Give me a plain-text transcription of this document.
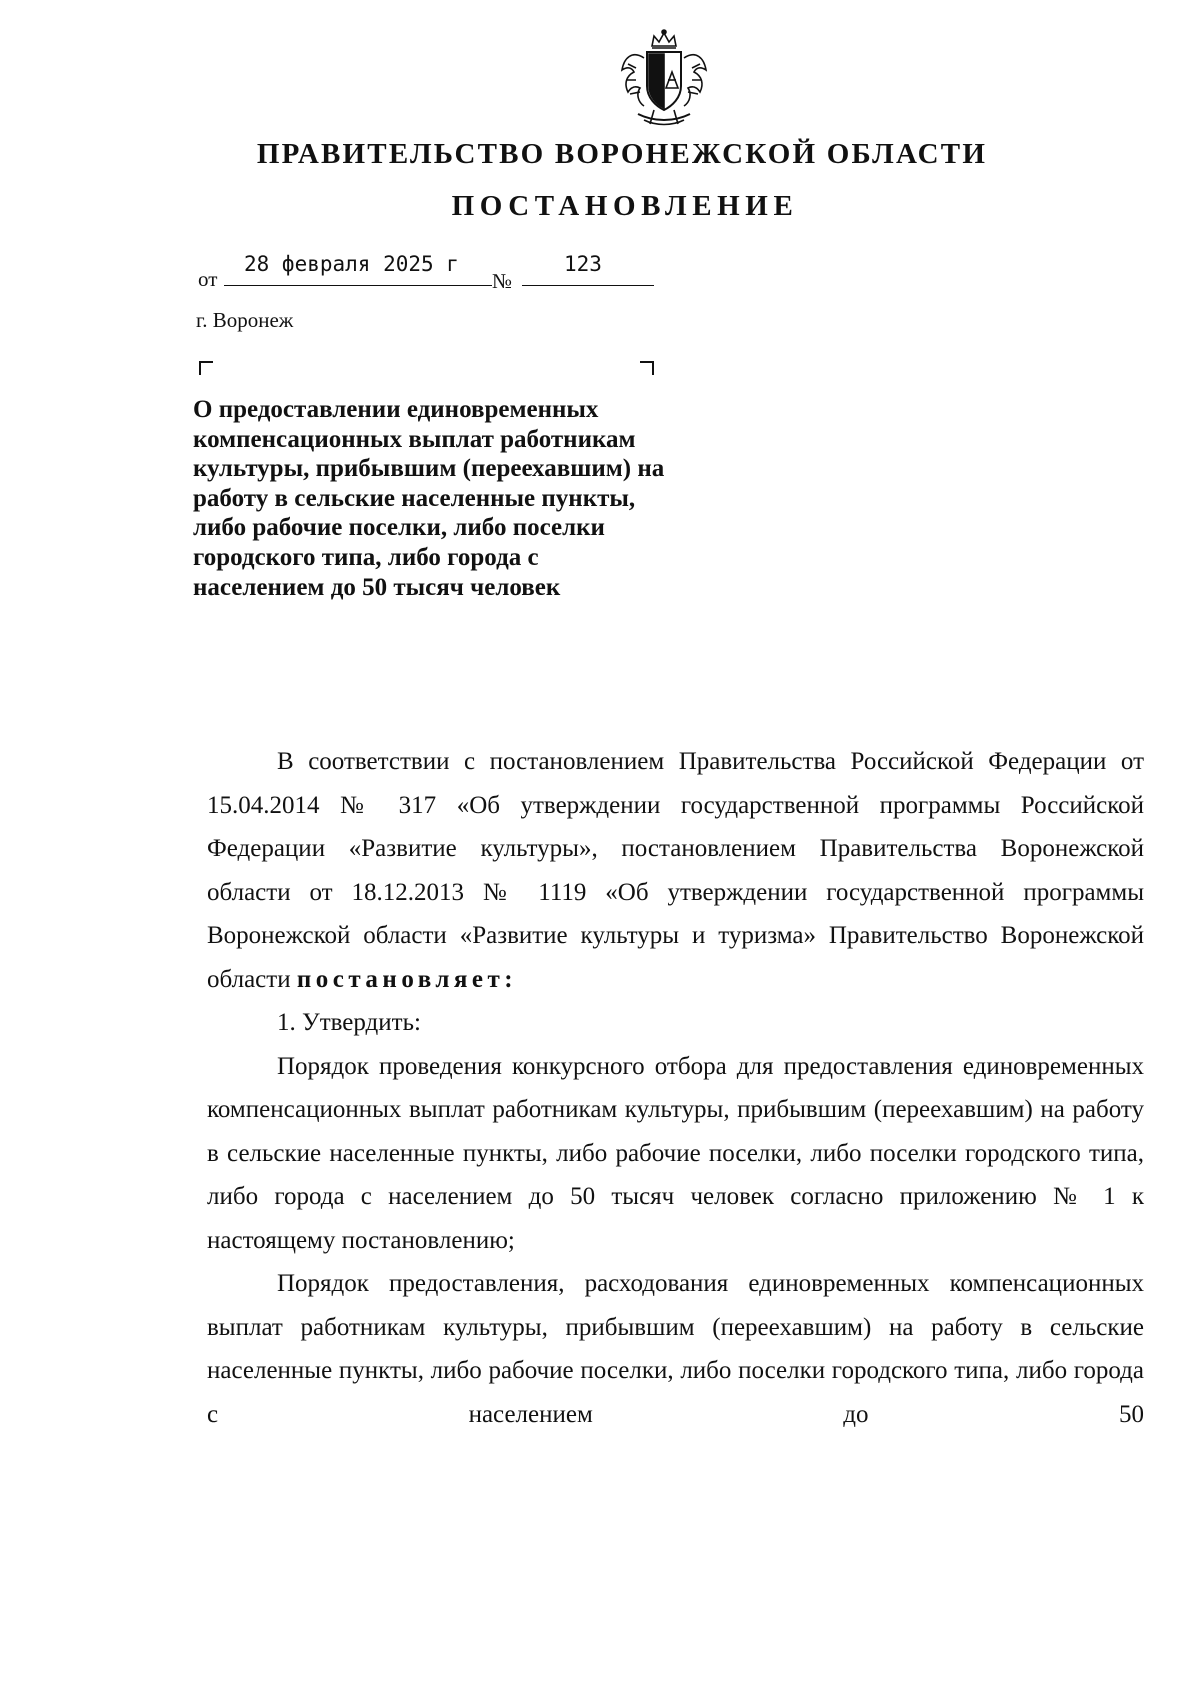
ПРАВИТЕЛЬСТВО ВОРОНЕЖСКОЙ ОБЛАСТИ
ПОСТАНОВЛЕНИЕ
от
28 февраля 2025 г
№
123
г. Воронеж
О предоставлении единовременных компенсационных выплат работникам культуры, прибывшим (переехавшим) на работу в сельские населенные пункты, либо рабочие поселки, либо поселки городского типа, либо города с населением до 50 тысяч человек

В соответствии с постановлением Правительства Российской Федерации от 15.04.2014 № 317 «Об утверждении государственной программы Российской Федерации «Развитие культуры», постановлением Правительства Воронежской области от 18.12.2013 № 1119 «Об утверждении государственной программы Воронежской области «Развитие культуры и туризма» Правительство Воронежской области постановляет:

1. Утвердить:

Порядок проведения конкурсного отбора для предоставления единовременных компенсационных выплат работникам культуры, прибывшим (переехавшим) на работу в сельские населенные пункты, либо рабочие поселки, либо поселки городского типа, либо города с населением до 50 тысяч человек согласно приложению № 1 к настоящему постановлению;

Порядок предоставления, расходования единовременных компенсационных выплат работникам культуры, прибывшим (переехавшим) на работу в сельские населенные пункты, либо рабочие поселки, либо поселки городского типа, либо города с населением до 50
